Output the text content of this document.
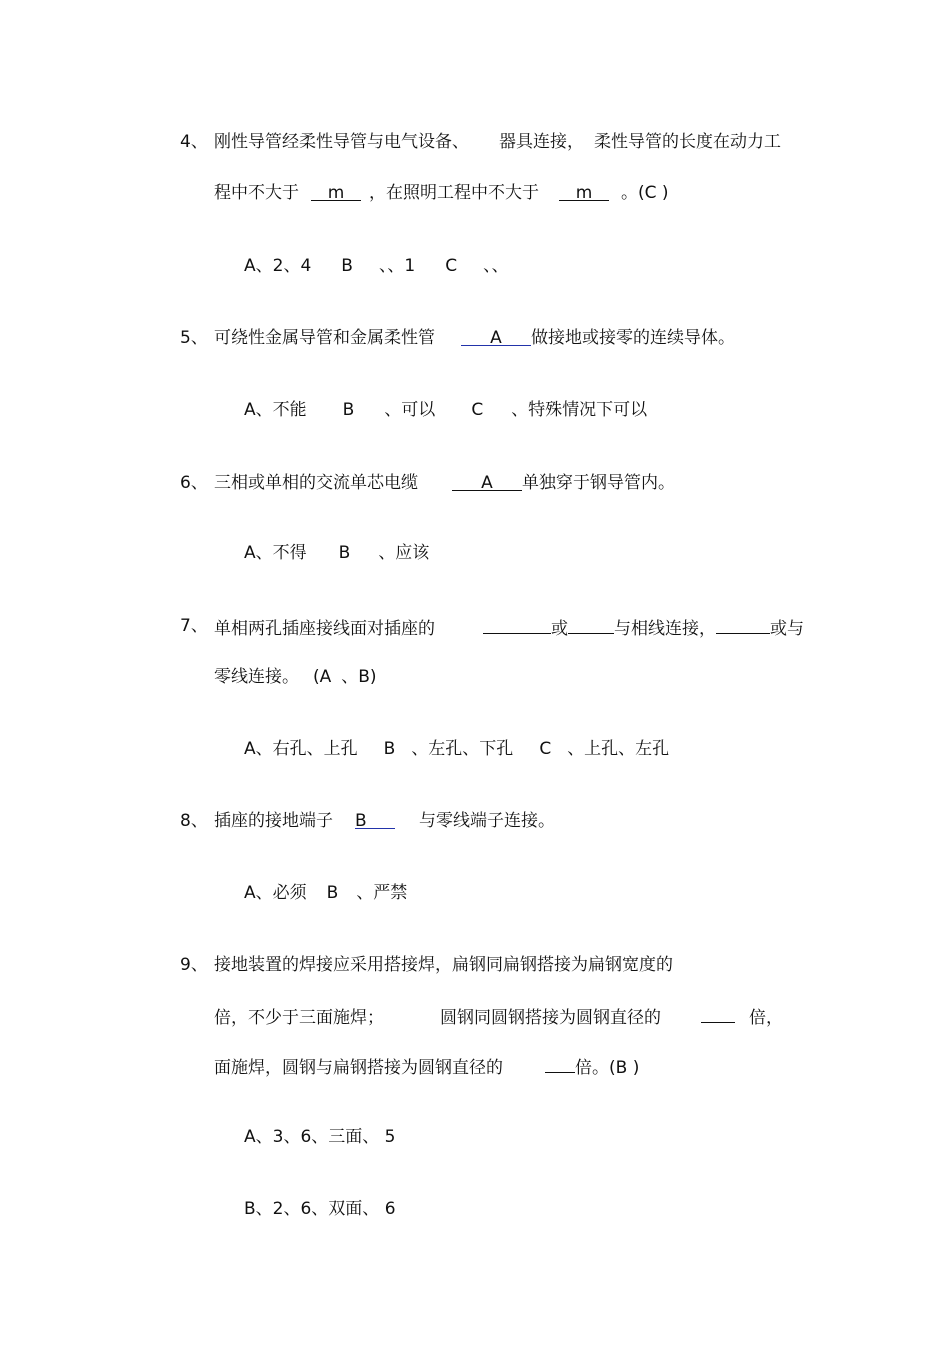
4、 刚性导管经柔性导管与电气设备、 器具连接， 柔性导管的长度在动力工
程中不大于 m ，在照明工程中不大于 m 。(C )
A、2、4 B 、、1 C 、、
5、 可绕性金属导管和金属柔性管	A 做接地或接零的连续导体。
A、不能 B 、可以 C 、特殊情况下可以
6、 三相或单相的交流单芯电缆	A 单独穿于钢导管内。
A、不得 B 、应该
7、 单相两孔插座接线面对插座的	或	与相线连接，	或与
零线连接。 (A 、B)
A、右孔、上孔 B 、左孔、下孔 C 、上孔、左孔
8、 插座的接地端子 B	与零线端子连接。
A、必须 B 、严禁
9、 接地装置的焊接应采用搭接焊，扁钢同扁钢搭接为扁钢宽度的
倍，不少于三面施焊；	圆钢同圆钢搭接为圆钢直径的	倍，
面施焊，圆钢与扁钢搭接为圆钢直径的	倍。(B )
A、3、6、三面、 5
B、2、6、双面、 6
